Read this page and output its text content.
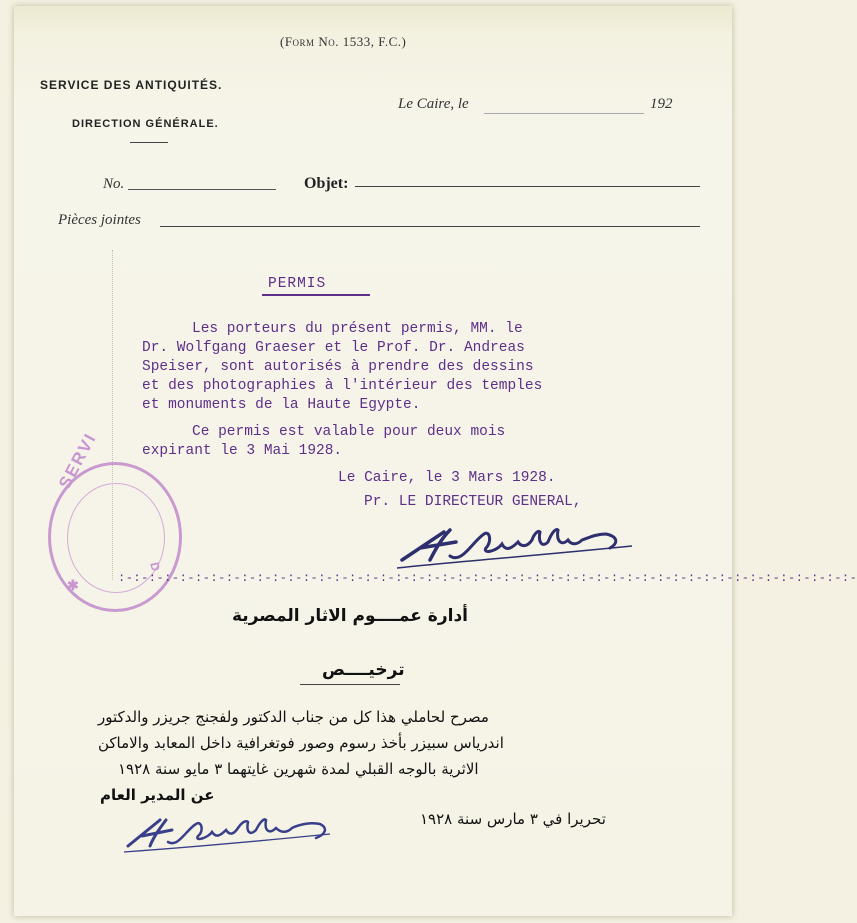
(Form No. 1533, F.C.)
SERVICE DES ANTIQUITÉS.
DIRECTION GÉNÉRALE.
Le Caire, le	192
No.	Objet:
Pièces jointes
PERMIS
Les porteurs du présent permis, MM. le
Dr. Wolfgang Graeser et le Prof. Dr. Andreas
Speiser, sont autorisés à prendre des dessins
et des photographies à l'intérieur des temples
et monuments de la Haute Egypte.
Ce permis est valable pour deux mois
expirant le 3 Mai 1928.
Le Caire, le 3 Mars 1928.
Pr. LE DIRECTEUR GENERAL,
SERVI
D
✱	:-:-:-:-:-:-:-:-:-:-:-:-:-:-:-:-:-:-:-:-:-:-:-:-:-:-:-:-:-:-:-:-:-:-:-:-:-:-:-:-:-:-:-:-:-:-:-:-
أدارة عمــــوم الاثار المصرية
ترخيــــص
مصرح لحاملي هذا كل من جناب الدكتور ولفجنج جريزر والدكتور
اندرياس سبيزر بأخذ رسوم وصور فوتغرافية داخل المعابد والاماكن
الاثرية بالوجه القبلي لمدة شهرين غايتهما ٣ مايو سنة ١٩٢٨
عن المدير العام
تحريرا في ٣ مارس سنة ١٩٢٨
